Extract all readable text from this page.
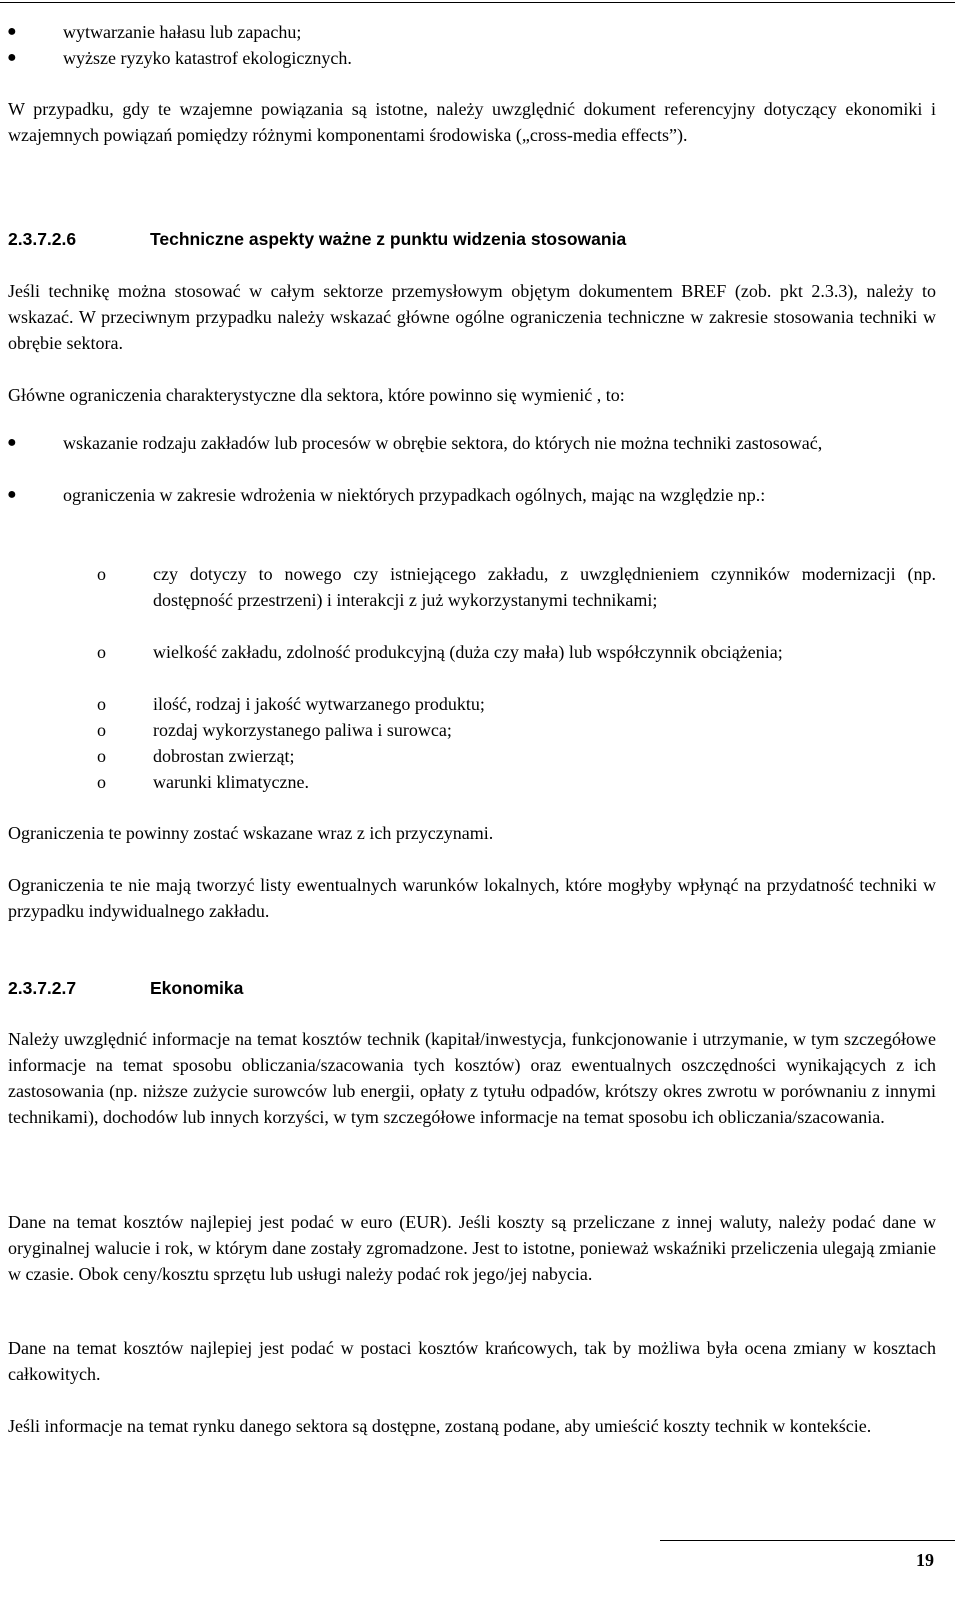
●	wytwarzanie hałasu lub zapachu;

●	wyższe ryzyko katastrof ekologicznych.

W przypadku, gdy te wzajemne powiązania są istotne, należy uwzględnić dokument referencyjny dotyczący ekonomiki i wzajemnych powiązań pomiędzy różnymi komponentami środowiska („cross-media effects”).

2.3.7.2.6	Techniczne aspekty ważne z punktu widzenia stosowania

Jeśli technikę można stosować w całym sektorze przemysłowym objętym dokumentem BREF (zob. pkt 2.3.3), należy to wskazać. W przeciwnym przypadku należy wskazać główne ogólne ograniczenia techniczne w zakresie stosowania techniki w obrębie sektora.

Główne ograniczenia charakterystyczne dla sektora, które powinno się wymienić , to:

●	wskazanie rodzaju zakładów lub procesów w obrębie sektora, do których nie można techniki zastosować,

●	ograniczenia w zakresie wdrożenia w niektórych przypadkach ogólnych, mając na względzie np.:

o	czy dotyczy to nowego czy istniejącego zakładu, z uwzględnieniem czynników modernizacji (np. dostępność przestrzeni) i interakcji z już wykorzystanymi technikami;

o	wielkość zakładu, zdolność produkcyjną (duża czy mała) lub współczynnik obciążenia;

o	ilość, rodzaj i jakość wytwarzanego produktu;

o	rozdaj wykorzystanego paliwa i surowca;

o	dobrostan zwierząt;

o	warunki klimatyczne.

Ograniczenia te powinny zostać wskazane wraz z ich przyczynami.

Ograniczenia te nie mają tworzyć listy ewentualnych warunków lokalnych, które mogłyby wpłynąć na przydatność techniki w przypadku indywidualnego zakładu.

2.3.7.2.7	Ekonomika

Należy uwzględnić informacje na temat kosztów technik (kapitał/inwestycja, funkcjonowanie i utrzymanie, w tym szczegółowe informacje na temat sposobu obliczania/szacowania tych kosztów) oraz ewentualnych oszczędności wynikających z ich zastosowania (np. niższe zużycie surowców lub energii, opłaty z tytułu odpadów, krótszy okres zwrotu w porównaniu z innymi technikami), dochodów lub innych korzyści, w tym szczegółowe informacje na temat sposobu ich obliczania/szacowania.

Dane na temat kosztów najlepiej jest podać w euro (EUR). Jeśli koszty są przeliczane z innej waluty, należy podać dane w oryginalnej walucie i rok, w którym dane zostały zgromadzone. Jest to istotne, ponieważ wskaźniki przeliczenia ulegają zmianie w czasie. Obok ceny/kosztu sprzętu lub usługi należy podać rok jego/jej nabycia.

Dane na temat kosztów najlepiej jest podać w postaci kosztów krańcowych, tak by możliwa była ocena zmiany w kosztach całkowitych.

Jeśli informacje na temat rynku danego sektora są dostępne, zostaną podane, aby umieścić koszty technik w kontekście.

19
